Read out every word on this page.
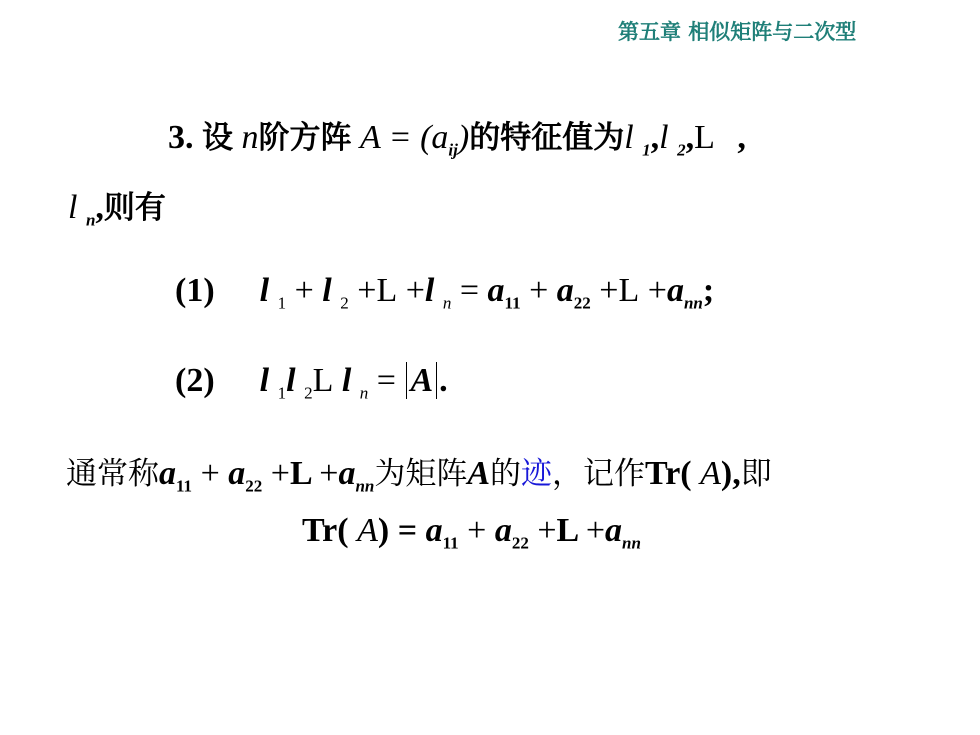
第五章 相似矩阵与二次型
3. 设 n阶方阵 $A = (a_{ij})$的特征值为l $_1$,l $_2$,L ,
l $_n$,则有
(1) l $_1$ + l $_2$ +L +l $_n = a_{11} + a_{22} +L +a_{nn}$;
(2) l $_1$l $_2$L l $_n$ = A .
通常称$a_{11} + a_{22} +L +a_{nn}$为矩阵A的迹，记作Tr( A),即
Tr( $A) = a_{11} + a_{22} +L +a_{nn}$
